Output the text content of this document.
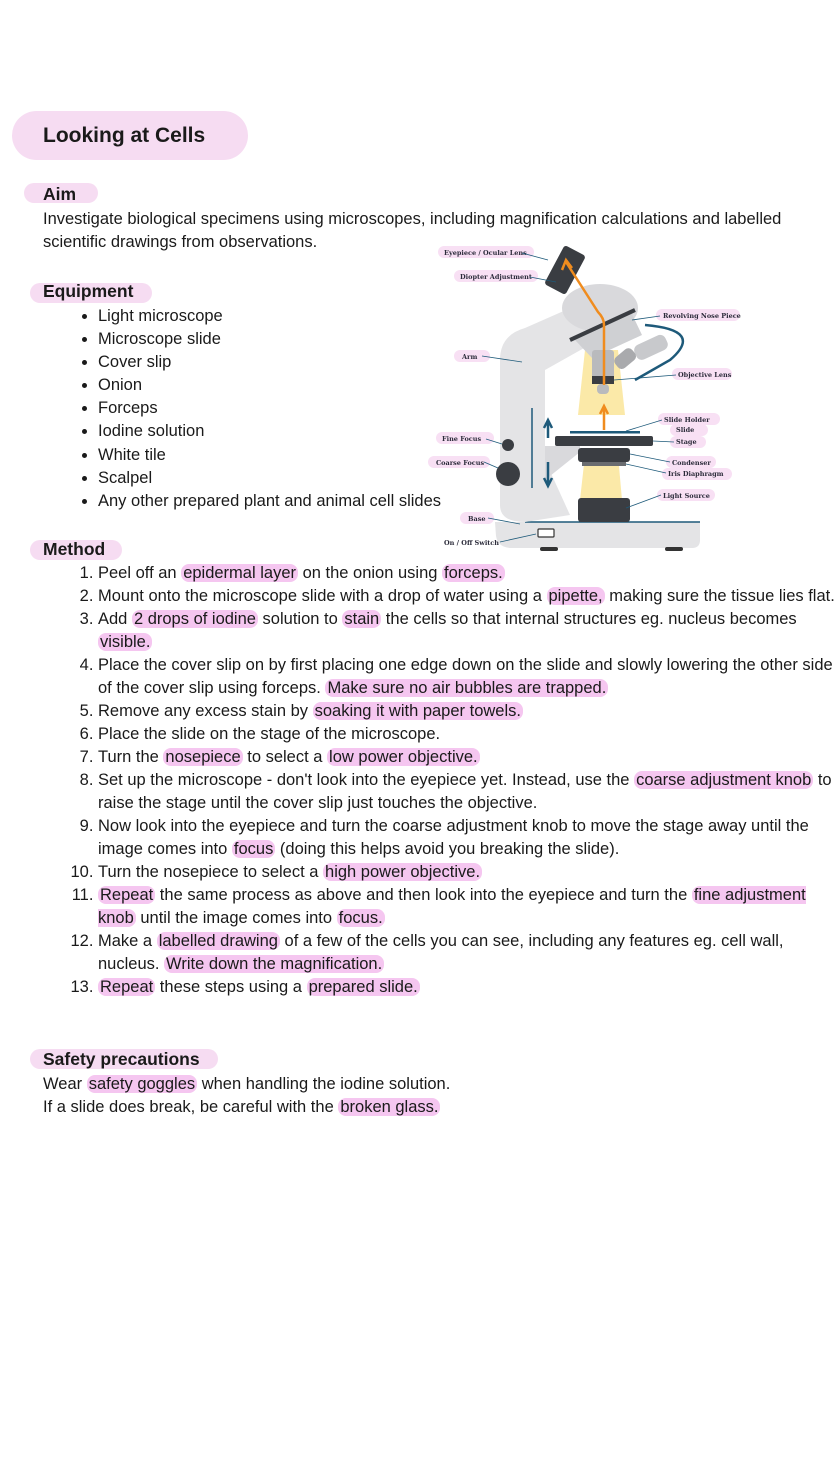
Looking at Cells
Aim

Investigate biological specimens using microscopes, including magnification calculations and labelled scientific drawings from observations.

Equipment
• Light microscope
• Microscope slide
• Cover slip
• Onion
• Forceps
• Iodine solution
• White tile
• Scalpel
• Any other prepared plant and animal cell slides
Eyepiece / Ocular Lens
Diopter Adjustment
Revolving Nose Piece
Arm
Objective Lens
Slide Holder
Slide
Stage
Fine Focus
Coarse Focus	Condenser
Iris Diaphragm
Light Source
Base
On / Off Switch
Method
1. Peel off an epidermal layer on the onion using forceps.
2. Mount onto the microscope slide with a drop of water using a pipette, making sure the tissue lies flat.
3. Add 2 drops of iodine solution to stain the cells so that internal structures eg. nucleus becomes visible.
4. Place the cover slip on by first placing one edge down on the slide and slowly lowering the other side of the cover slip using forceps. Make sure no air bubbles are trapped.
5. Remove any excess stain by soaking it with paper towels.
6. Place the slide on the stage of the microscope.
7. Turn the nosepiece to select a low power objective.
8. Set up the microscope - don't look into the eyepiece yet. Instead, use the coarse adjustment knob to raise the stage until the cover slip just touches the objective.
9. Now look into the eyepiece and turn the coarse adjustment knob to move the stage away until the image comes into focus (doing this helps avoid you breaking the slide).
10. Turn the nosepiece to select a high power objective.
11. Repeat the same process as above and then look into the eyepiece and turn the fine adjustment knob until the image comes into focus.
12. Make a labelled drawing of a few of the cells you can see, including any features eg. cell wall, nucleus. Write down the magnification.
13. Repeat these steps using a prepared slide.
Safety precautions
Wear safety goggles when handling the iodine solution.
If a slide does break, be careful with the broken glass.
